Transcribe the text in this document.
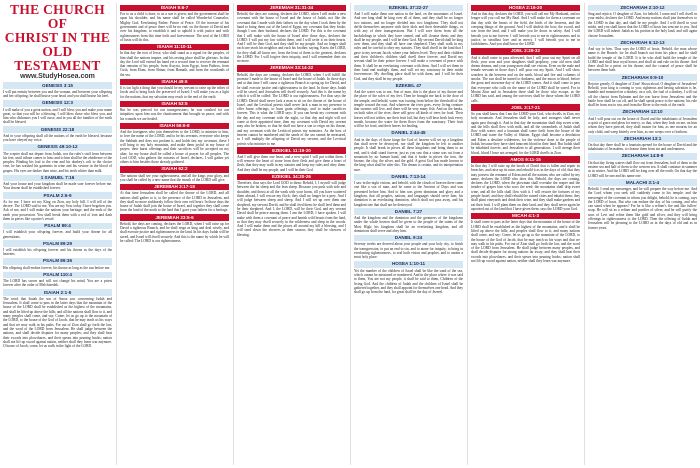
THE CHURCH OF
CHRIST IN THE
OLD TESTAMENT
www.StudyHosea.com
GENESIS 3:15
I will put enmity between you and the woman, and between your offspring and her offspring; he shall bruise your head, and you shall bruise his heel.
GENESIS 12:3
I will make of you a great nation, and I will bless you and make your name great, so that you will be a blessing. I will bless those who bless you, and him who dishonors you I will curse, and in you all the families of the earth shall be blessed.
GENESIS 22:18
And in your offspring shall all the nations of the earth be blessed, because you have obeyed my voice.
GENESIS 49:10-12
The scepter shall not depart from Judah, nor the ruler's staff from between his feet, until tribute comes to him; and to him shall be the obedience of the peoples. Binding his foal to the vine and his donkey's colt to the choice vine, he has washed his garments in wine and his vesture in the blood of grapes. His eyes are darker than wine, and his teeth whiter than milk.
1 SAMUEL 7:16
And your house and your kingdom shall be made sure forever before me. Your throne shall be established forever.
PSALM 2:6-9
As for me, I have set my King on Zion, my holy hill. I will tell of the decree: The LORD said to me, You are my Son; today I have begotten you. Ask of me, and I will make the nations your heritage, and the ends of the earth your possession. You shall break them with a rod of iron and dash them in pieces like a potter's vessel.
PSALM 89:4
I will establish your offspring forever, and build your throne for all generations.
PSALM 89:29
I will establish his offspring forever and his throne as the days of the heavens.
PSALM 89:36
His offspring shall endure forever, his throne as long as the sun before me.
PSALM 110:4
The LORD has sworn and will not change his mind, You are a priest forever after the order of Melchizedek.
ISAIAH 2:1-5
The word that Isaiah the son of Amoz saw concerning Judah and Jerusalem. It shall come to pass in the latter days that the mountain of the house of the LORD shall be established as the highest of the mountains, and shall be lifted up above the hills; and all the nations shall flow to it, and many peoples shall come, and say: Come, let us go up to the mountain of the LORD, to the house of the God of Jacob, that he may teach us his ways and that we may walk in his paths. For out of Zion shall go forth the law, and the word of the LORD from Jerusalem. He shall judge between the nations, and shall decide disputes for many peoples; and they shall beat their swords into plowshares, and their spears into pruning hooks; nation shall not lift up sword against nation, neither shall they learn war anymore. O house of Jacob, come, let us walk in the light of the LORD.
ISAIAH 9:6-7
For to us a child is born, to us a son is given; and the government shall be upon his shoulder, and his name shall be called Wonderful Counselor, Mighty God, Everlasting Father, Prince of Peace. Of the increase of his government and of peace there will be no end, on the throne of David and over his kingdom, to establish it and to uphold it with justice and with righteousness from this time forth and forevermore. The zeal of the LORD of hosts will do this.
ISAIAH 11:10-11
In that day the root of Jesse, who shall stand as a signal for the peoples, of him shall the nations inquire, and his resting place shall be glorious. In that day the Lord will extend his hand yet a second time to recover the remnant that remains of his people, from Assyria, from Egypt, from Pathros, from Cush, from Elam, from Shinar, from Hamath, and from the coastlands of the sea.
ISAIAH 49:6
It is too light a thing that you should be my servant to raise up the tribes of Jacob and to bring back the preserved of Israel; I will make you as a light for the nations, that my salvation may reach to the end of the earth.
ISAIAH 53:5
But he was pierced for our transgressions; he was crushed for our iniquities; upon him was the chastisement that brought us peace, and with his wounds we are healed.
ISAIAH 56:6-8
And the foreigners who join themselves to the LORD, to minister to him, to love the name of the LORD, and to be his servants, everyone who keeps the Sabbath and does not profane it, and holds fast my covenant, these I will bring to my holy mountain, and make them joyful in my house of prayer; their burnt offerings and their sacrifices will be accepted on my altar; for my house shall be called a house of prayer for all peoples. The Lord GOD, who gathers the outcasts of Israel, declares, I will gather yet others to him besides those already gathered.
ISAIAH 62:2
The nations shall see your righteousness, and all the kings your glory, and you shall be called by a new name that the mouth of the LORD will give.
JEREMIAH 3:17-18
At that time Jerusalem shall be called the throne of the LORD, and all nations shall gather to it, to the presence of the LORD in Jerusalem, and they shall no more stubbornly follow their own evil heart. In those days the house of Judah shall join the house of Israel, and together they shall come from the land of the north to the land that I gave your fathers for a heritage.
JEREMIAH 23:5-6
Behold, the days are coming, declares the LORD, when I will raise up for David a righteous Branch, and he shall reign as king and deal wisely, and shall execute justice and righteousness in the land. In his days Judah will be saved, and Israel will dwell securely. And this is the name by which he will be called: The LORD is our righteousness.
JEREMIAH 31:31-34
Behold, the days are coming, declares the LORD, when I will make a new covenant with the house of Israel and the house of Judah, not like the covenant that I made with their fathers on the day when I took them by the hand to bring them out of the land of Egypt, my covenant that they broke, though I was their husband, declares the LORD. For this is the covenant that I will make with the house of Israel after those days, declares the LORD: I will put my law within them, and I will write it on their hearts. And I will be their God, and they shall be my people. And no longer shall each one teach his neighbor and each his brother, saying, Know the LORD, for they shall all know me, from the least of them to the greatest, declares the LORD. For I will forgive their iniquity, and I will remember their sin no more.
JEREMIAH 33:14-22
Behold, the days are coming, declares the LORD, when I will fulfill the promise I made to the house of Israel and the house of Judah. In those days and at that time I will cause a righteous Branch to spring up for David, and he shall execute justice and righteousness in the land. In those days Judah will be saved, and Jerusalem will dwell securely. And this is the name by which it will be called: The LORD is our righteousness. For thus says the LORD: David shall never lack a man to sit on the throne of the house of Israel, and the Levitical priests shall never lack a man in my presence to offer burnt offerings, to burn grain offerings, and to make sacrifices forever. This is what the LORD says: If you can break my covenant with the day and my covenant with the night, so that day and night will not come at their appointed time, then my covenant with David my servant may also be broken, so that he shall not have a son to reign on his throne, and my covenant with the Levitical priests my ministers. As the host of heaven cannot be numbered and the sands of the sea cannot be measured, so I will multiply the offspring of David my servant, and the Levitical priests who minister to me.
EZEKIEL 11:19-20
And I will give them one heart, and a new spirit I will put within them. I will remove the heart of stone from their flesh and give them a heart of flesh, that they may walk in my statutes and keep my rules and obey them. And they shall be my people, and I will be their God.
EZEKIEL 34:20-26
Therefore, thus says the Lord GOD to them: Behold, I, I myself will judge between the fat sheep and the lean sheep. Because you push with side and shoulder, and thrust at all the weak with your horns, till you have scattered them abroad, I will rescue my flock; they shall no longer be a prey. And I will judge between sheep and sheep. And I will set up over them one shepherd, my servant David, and he shall feed them: he shall feed them and be their shepherd. And I, the LORD, will be their God, and my servant David shall be prince among them. I am the LORD; I have spoken. I will make with them a covenant of peace and banish wild beasts from the land, so that they may dwell securely in the wilderness and sleep in the woods. And I will make them and the places all around my hill a blessing, and I will send down the showers in their season; they shall be showers of blessing.
EZEKIEL 37:22-27
And I will make them one nation in the land, on the mountains of Israel. And one king shall be king over all of them, and they shall be no longer two nations, and no longer divided into two kingdoms. They shall not defile themselves anymore with their idols and their detestable things, or with any of their transgressions. But I will save them from all the backslidings in which they have sinned, and will cleanse them; and they shall be my people, and I will be their God. My servant David shall be king over them, and they shall all have one shepherd. They shall walk in my rules and be careful to obey my statutes. They shall dwell in the land that I gave to my servant Jacob, where your fathers lived. They and their children and their children's children shall dwell there forever, and David my servant shall be their prince forever. I will make a covenant of peace with them. It shall be an everlasting covenant with them. And I will set them in their land and multiply them, and will set my sanctuary in their midst forevermore. My dwelling place shall be with them, and I will be their God, and they shall be my people.
EZEKIEL 47
And the water was to me, Son of man, this is the place of my throne and the place of the soles of my feet. Then he brought me back to the door of the temple, and behold, water was issuing from below the threshold of the temple toward the east. And wherever the river goes, every living creature that swarms will live, and there will be very many fish. And on the banks, on both sides of the river, there will grow all kinds of trees for food. Their leaves will not wither, nor their fruit fail, but they will bear fresh fruit every month, because the water for them flows from the sanctuary. Their fruit will be for food, and their leaves for healing.
DANIEL 2:44-45
And in the days of those kings the God of heaven will set up a kingdom that shall never be destroyed, nor shall the kingdom be left to another people. It shall break in pieces all these kingdoms and bring them to an end, and it shall stand forever, just as you saw that a stone was cut from a mountain by no human hand, and that it broke in pieces the iron, the bronze, the clay, the silver, and the gold. A great God has made known to the king what shall be after this. The dream is certain, and its interpretation sure.
DANIEL 7:13-14
I saw in the night visions, and behold, with the clouds of heaven there came one like a son of man, and he came to the Ancient of Days and was presented before him. And to him was given dominion and glory and a kingdom, that all peoples, nations, and languages should serve him; his dominion is an everlasting dominion, which shall not pass away, and his kingdom one that shall not be destroyed.
DANIEL 7:27
And the kingdom and the dominion and the greatness of the kingdoms under the whole heaven shall be given to the people of the saints of the Most High; his kingdom shall be an everlasting kingdom, and all dominions shall serve and obey him.
DANIEL 9:24
Seventy weeks are decreed about your people and your holy city, to finish the transgression, to put an end to sin, and to atone for iniquity, to bring in everlasting righteousness, to seal both vision and prophet, and to anoint a most holy place.
HOSEA 1:10-11
Yet the number of the children of Israel shall be like the sand of the sea, which cannot be measured or numbered. And in the place where it was said to them, You are not my people, it shall be said to them, Children of the living God. And the children of Judah and the children of Israel shall be gathered together, and they shall appoint for themselves one head. And they shall go up from the land, for great shall be the day of Jezreel.
HOSEA 2:16-20
And in that day, declares the LORD, you will call me My Husband, and no longer will you call me My Baal. And I will make for them a covenant on that day with the beasts of the field, the birds of the heavens, and the creeping things of the ground. And I will abolish the bow, the sword, and war from the land, and I will make you lie down in safety. And I will betroth you to me forever. I will betroth you to me in righteousness and in justice, in steadfast love and in mercy. I will betroth you to me in faithfulness. And you shall know the LORD.
JOEL 2:28-32
And it shall come to pass afterward, that I will pour out my Spirit on all flesh; your sons and your daughters shall prophesy, your old men shall dream dreams, and your young men shall see visions. Even on the male and female servants in those days I will pour out my Spirit. And I will show wonders in the heavens and on the earth, blood and fire and columns of smoke. The sun shall be turned to darkness, and the moon to blood, before the great and awesome day of the LORD comes. And it shall come to pass that everyone who calls on the name of the LORD shall be saved. For in Mount Zion and in Jerusalem there shall be those who escape, as the LORD has said, and among the survivors shall be those whom the LORD calls.
JOEL 3:17-21
So you shall know that I am the LORD your God, who dwells in Zion, my holy mountain. And Jerusalem shall be holy, and strangers shall never again pass through it. And in that day the mountains shall drip sweet wine, and the hills shall flow with milk, and all the streambeds of Judah shall flow with water; and a fountain shall come forth from the house of the LORD and water the Valley of Shittim. Egypt shall become a desolation and Edom a desolate wilderness, for the violence done to the people of Judah, because they have shed innocent blood in their land. But Judah shall be inhabited forever, and Jerusalem to all generations. I will avenge their blood, blood I have not avenged, for the LORD dwells in Zion.
AMOS 9:11-15
In that day I will raise up the booth of David that is fallen and repair its breaches, and raise up its ruins and rebuild it as in the days of old, that they may possess the remnant of Edom and all the nations who are called by my name, declares the LORD who does this. Behold, the days are coming, declares the LORD, when the plowman shall overtake the reaper and the treader of grapes him who sows the seed; the mountains shall drip sweet wine, and all the hills shall flow with it. I will restore the fortunes of my people Israel, and they shall rebuild the ruined cities and inhabit them; they shall plant vineyards and drink their wine, and they shall make gardens and eat their fruit. I will plant them on their land, and they shall never again be uprooted out of the land that I have given them, says the LORD your God.
MICAH 4:1-3
It shall come to pass in the latter days that the mountain of the house of the LORD shall be established as the highest of the mountains, and it shall be lifted up above the hills; and peoples shall flow to it, and many nations shall come, and say: Come, let us go up to the mountain of the LORD, to the house of the God of Jacob, that he may teach us his ways and that we may walk in his paths. For out of Zion shall go forth the law, and the word of the LORD from Jerusalem. He shall judge between many peoples, and shall decide disputes for strong nations far away; and they shall beat their swords into plowshares, and their spears into pruning hooks; nation shall not lift up sword against nation, neither shall they learn war anymore.
ZECHARIAH 2:10-12
Sing and rejoice, O daughter of Zion, for behold, I come and I will dwell in your midst, declares the LORD. And many nations shall join themselves to the LORD in that day, and shall be my people. And I will dwell in your midst, and you shall know that the LORD of hosts has sent me to you. And the LORD will inherit Judah as his portion in the holy land, and will again choose Jerusalem.
ZECHARIAH 6:12-13
And say to him, Thus says the LORD of hosts, Behold, the man whose name is the Branch: for he shall branch out from his place, and he shall build the temple of the LORD. It is he who shall build the temple of the LORD and shall bear royal honor, and shall sit and rule on his throne. And there shall be a priest on his throne, and the counsel of peace shall be between them both.
ZECHARIAH 9:9-10
Rejoice greatly, O daughter of Zion! Shout aloud, O daughter of Jerusalem! Behold, your king is coming to you; righteous and having salvation is he, humble and mounted on a donkey, on a colt, the foal of a donkey. I will cut off the chariot from Ephraim and the war horse from Jerusalem; and the battle bow shall be cut off, and he shall speak peace to the nations; his rule shall be from sea to sea, and from the River to the ends of the earth.
ZECHARIAH 12:10
And I will pour out on the house of David and the inhabitants of Jerusalem a spirit of grace and pleas for mercy, so that, when they look on me, on him whom they have pierced, they shall mourn for him, as one mourns for an only child, and weep bitterly over him, as one weeps over a firstborn.
ZECHARIAH 13:1
On that day there shall be a fountain opened for the house of David and the inhabitants of Jerusalem, to cleanse them from sin and uncleanness.
ZECHARIAH 14:8-9
On that day living waters shall flow out from Jerusalem, half of them to the eastern sea and half of them to the western sea. It shall continue in summer as in winter. And the LORD will be king over all the earth. On that day the LORD will be one and his name one.
MALACHI 3:1-4
Behold, I send my messenger, and he will prepare the way before me. And the Lord whom you seek will suddenly come to his temple; and the messenger of the covenant in whom you delight, behold, he is coming, says the LORD of hosts. But who can endure the day of his coming, and who can stand when he appears? For he is like a refiner's fire and like fullers' soap. He will sit as a refiner and purifier of silver, and he will purify the sons of Levi and refine them like gold and silver, and they will bring offerings in righteousness to the LORD. Then the offering of Judah and Jerusalem will be pleasing to the LORD as in the days of old and as in former years.
